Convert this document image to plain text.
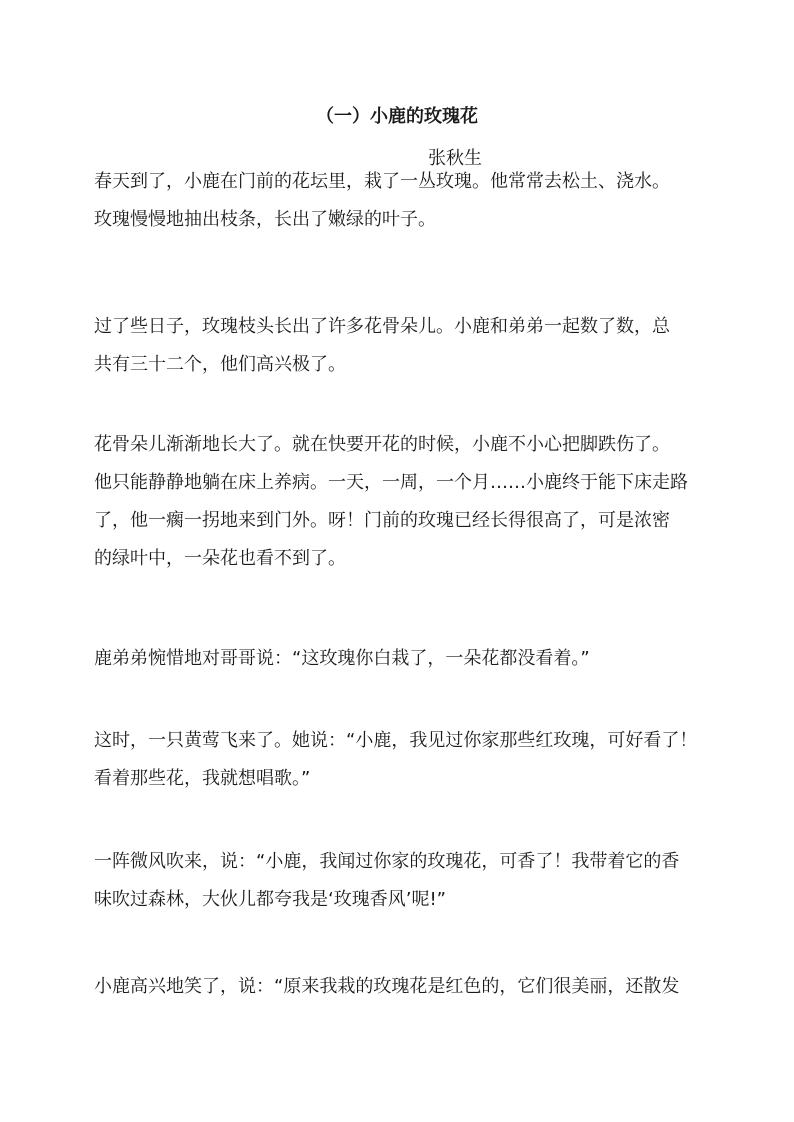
（一）小鹿的玫瑰花
张秋生

春天到了，小鹿在门前的花坛里，栽了一丛玫瑰。他常常去松土、浇水。
玫瑰慢慢地抽出枝条，长出了嫩绿的叶子。

过了些日子，玫瑰枝头长出了许多花骨朵儿。小鹿和弟弟一起数了数，总
共有三十二个，他们高兴极了。

花骨朵儿渐渐地长大了。就在快要开花的时候，小鹿不小心把脚跌伤了。
他只能静静地躺在床上养病。一天，一周，一个月……小鹿终于能下床走路
了，他一瘸一拐地来到门外。呀！门前的玫瑰已经长得很高了，可是浓密
的绿叶中，一朵花也看不到了。

鹿弟弟惋惜地对哥哥说：“这玫瑰你白栽了，一朵花都没看着。”

这时，一只黄莺飞来了。她说：“小鹿，我见过你家那些红玫瑰，可好看了！
看着那些花，我就想唱歌。”

一阵微风吹来，说：“小鹿，我闻过你家的玫瑰花，可香了！我带着它的香
味吹过森林，大伙儿都夸我是‘玫瑰香风’呢!”

小鹿高兴地笑了，说：“原来我栽的玫瑰花是红色的，它们很美丽，还散发
